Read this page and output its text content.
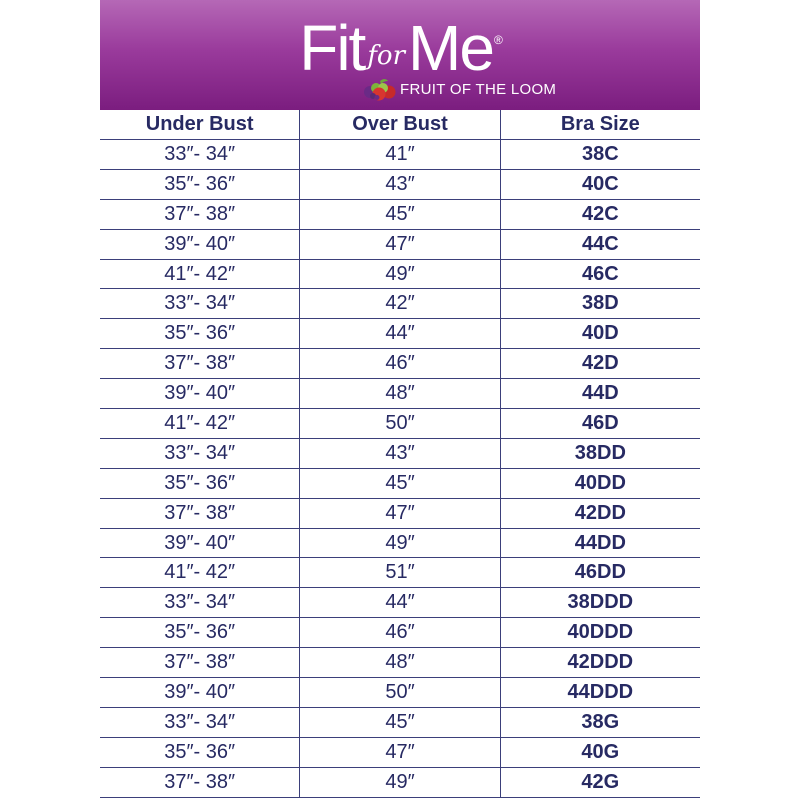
Fit forMe®
FRUIT OF THE LOOM
Under Bust	Over Bust	Bra Size
33″- 34″	41″	38C
35″- 36″	43″	40C
37″- 38″	45″	42C
39″- 40″	47″	44C
41″- 42″	49″	46C
33″- 34″	42″	38D
35″- 36″	44″	40D
37″- 38″	46″	42D
39″- 40″	48″	44D
41″- 42″	50″	46D
33″- 34″	43″	38DD
35″- 36″	45″	40DD
37″- 38″	47″	42DD
39″- 40″	49″	44DD
41″- 42″	51″	46DD
33″- 34″	44″	38DDD
35″- 36″	46″	40DDD
37″- 38″	48″	42DDD
39″- 40″	50″	44DDD
33″- 34″	45″	38G
35″- 36″	47″	40G
37″- 38″	49″	42G
